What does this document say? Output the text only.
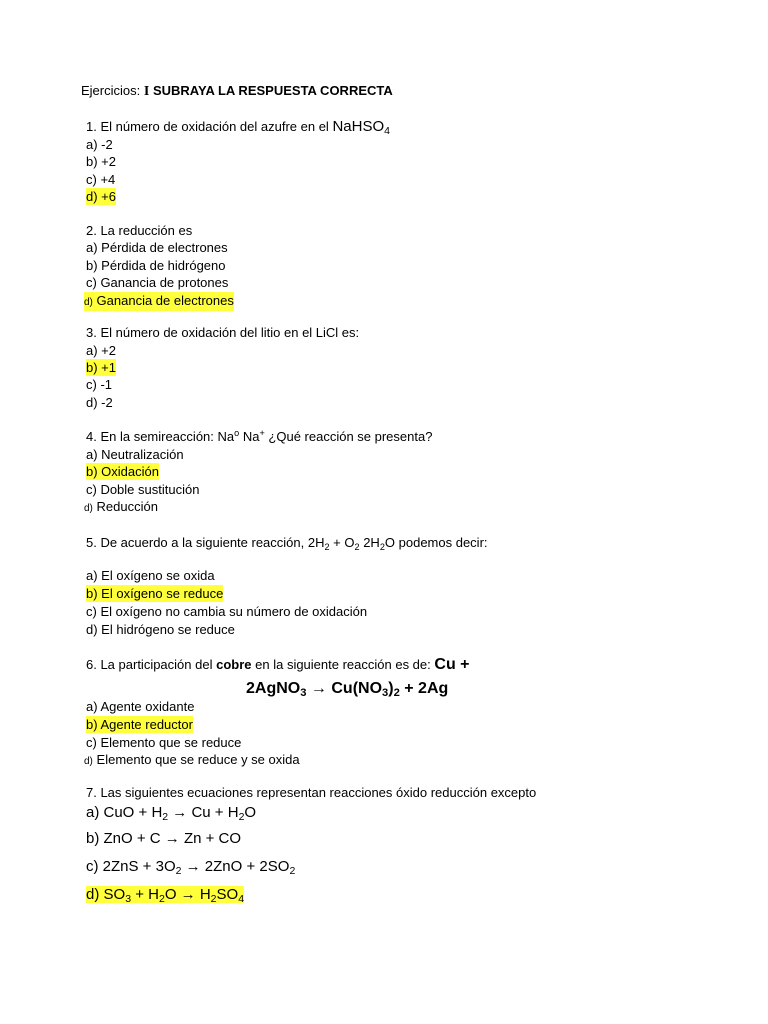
Ejercicios: I SUBRAYA LA RESPUESTA CORRECTA
1. El número de oxidación del azufre en el NaHSO$_4$
a) -2
b) +2
c) +4
d) +6
2. La reducción es
a) Pérdida de electrones
b) Pérdida de hidrógeno
c) Ganancia de protones
d) Ganancia de electrones
3. El número de oxidación del litio en el LiCl es:
a) +2
b) +1
c) -1
d) -2
4. En la semireacción: Na$^o$ Na+ ¿Qué reacción se presenta?
a) Neutralización
b) Oxidación
c) Doble sustitución
d) Reducción
5. De acuerdo a la siguiente reacción, $2H_2 + O_2$ $2H_2O$ podemos decir:
a) El oxígeno se oxida
b) El oxígeno se reduce
c) El oxígeno no cambia su número de oxidación
d) El hidrógeno se reduce
6. La participación del cobre en la siguiente reacción es de: Cu +
2AgNO$_3$ → $Cu(NO_3)_2 + 2Ag$
a) Agente oxidante
b) Agente reductor
c) Elemento que se reduce
d) Elemento que se reduce y se oxida
7. Las siguientes ecuaciones representan reacciones óxido reducción excepto
a) CuO + $H_2 \to Cu + H_2O$
b) ZnO + C → Zn + CO
c) $2ZnS + 3O_2 \to 2ZnO + 2SO_2$
d) $SO_3 + H_2O \to H_2SO_4$
